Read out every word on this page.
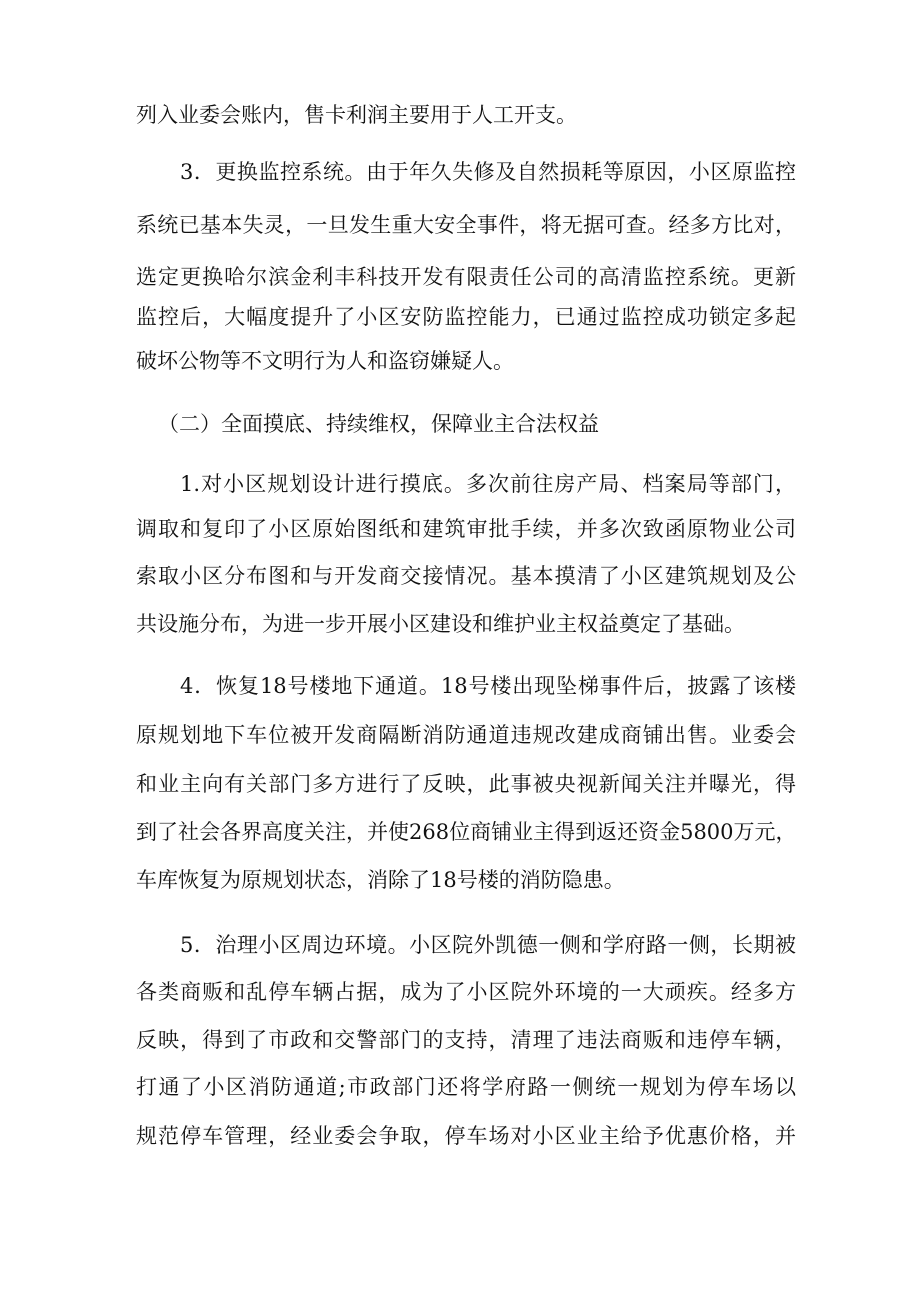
列入业委会账内，售卡利润主要用于人工开支。
3．更换监控系统。由于年久失修及自然损耗等原因，小区原监控
系统已基本失灵，一旦发生重大安全事件，将无据可查。经多方比对，
选定更换哈尔滨金利丰科技开发有限责任公司的高清监控系统。更新
监控后，大幅度提升了小区安防监控能力，已通过监控成功锁定多起
破坏公物等不文明行为人和盗窃嫌疑人。
（二）全面摸底、持续维权，保障业主合法权益
1.对小区规划设计进行摸底。多次前往房产局、档案局等部门，
调取和复印了小区原始图纸和建筑审批手续，并多次致函原物业公司
索取小区分布图和与开发商交接情况。基本摸清了小区建筑规划及公
共设施分布，为进一步开展小区建设和维护业主权益奠定了基础。
4．恢复18号楼地下通道。18号楼出现坠梯事件后，披露了该楼
原规划地下车位被开发商隔断消防通道违规改建成商铺出售。业委会
和业主向有关部门多方进行了反映，此事被央视新闻关注并曝光，得
到了社会各界高度关注，并使268位商铺业主得到返还资金5800万元，
车库恢复为原规划状态，消除了18号楼的消防隐患。
5．治理小区周边环境。小区院外凯德一侧和学府路一侧，长期被
各类商贩和乱停车辆占据，成为了小区院外环境的一大顽疾。经多方
反映，得到了市政和交警部门的支持，清理了违法商贩和违停车辆，
打通了小区消防通道;市政部门还将学府路一侧统一规划为停车场以
规范停车管理，经业委会争取，停车场对小区业主给予优惠价格，并
